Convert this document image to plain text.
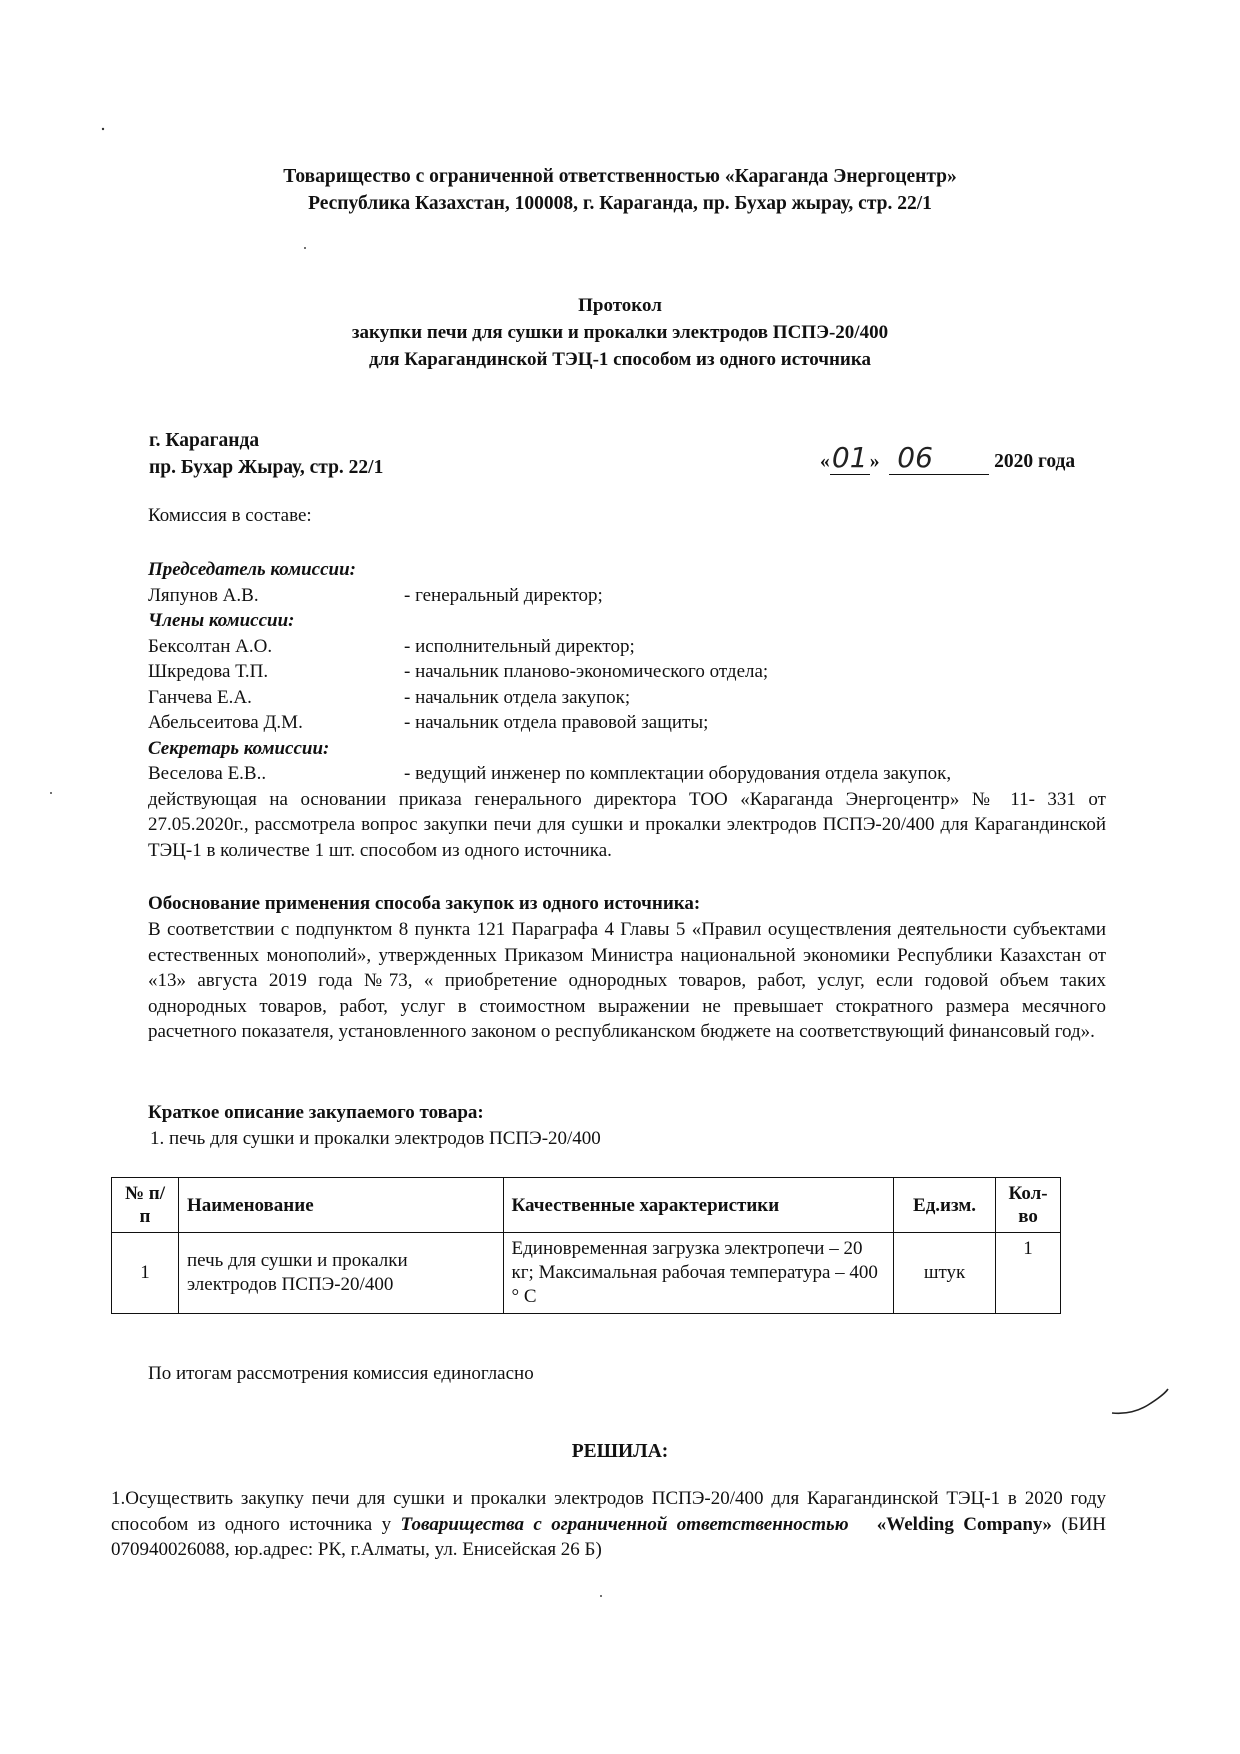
Товарищество с ограниченной ответственностью «Караганда Энергоцентр»
Республика Казахстан, 100008, г. Караганда, пр. Бухар жырау, стр. 22/1
Протокол
закупки печи для сушки и прокалки электродов ПСПЭ-20/400
для Карагандинской ТЭЦ-1 способом из одного источника
г. Караганда
пр. Бухар Жырау, стр. 22/1	«01 » 06	2020 года
Комиссия в составе:
Председатель комиссии:
Ляпунов А.В.	- генеральный директор;
Члены комиссии:
Бексолтан А.О.	- исполнительный директор;
Шкредова Т.П.	- начальник планово-экономического отдела;
Ганчева Е.А.	- начальник отдела закупок;
Абельсеитова Д.М.	- начальник отдела правовой защиты;
Секретарь комиссии:
Веселова Е.В..	- ведущий инженер по комплектации оборудования отдела закупок,
действующая на основании приказа генерального директора ТОО «Караганда Энергоцентр» № 11- 331 от 27.05.2020г., рассмотрела вопрос закупки печи для сушки и прокалки электродов ПСПЭ-20/400 для Карагандинской ТЭЦ-1 в количестве 1 шт. способом из одного источника.
Обоснование применения способа закупок из одного источника:
В соответствии с подпунктом 8 пункта 121 Параграфа 4 Главы 5 «Правил осуществления деятельности субъектами естественных монополий», утвержденных Приказом Министра национальной экономики Республики Казахстан от «13» августа 2019 года №73, « приобретение однородных товаров, работ, услуг, если годовой объем таких однородных товаров, работ, услуг в стоимостном выражении не превышает стократного размера месячного расчетного показателя, установленного законом о республиканском бюджете на соответствующий финансовый год».
Краткое описание закупаемого товара:
1. печь для сушки и прокалки электродов ПСПЭ-20/400
№ п/п	Наименование	Качественные характеристики	Ед.изм.	Кол-во
1	печь для сушки и прокалки электродов ПСПЭ-20/400	Единовременная загрузка электропечи – 20 кг; Максимальная рабочая температура – 400 ° С	штук	1
По итогам рассмотрения комиссия единогласно
РЕШИЛА:
1.Осуществить закупку печи для сушки и прокалки электродов ПСПЭ-20/400 для Карагандинской ТЭЦ-1 в 2020 году способом из одного источника у Товарищества с ограниченной ответственностью «Welding Company» (БИН 070940026088, юр.адрес: РК, г.Алматы, ул. Енисейская 26 Б)
